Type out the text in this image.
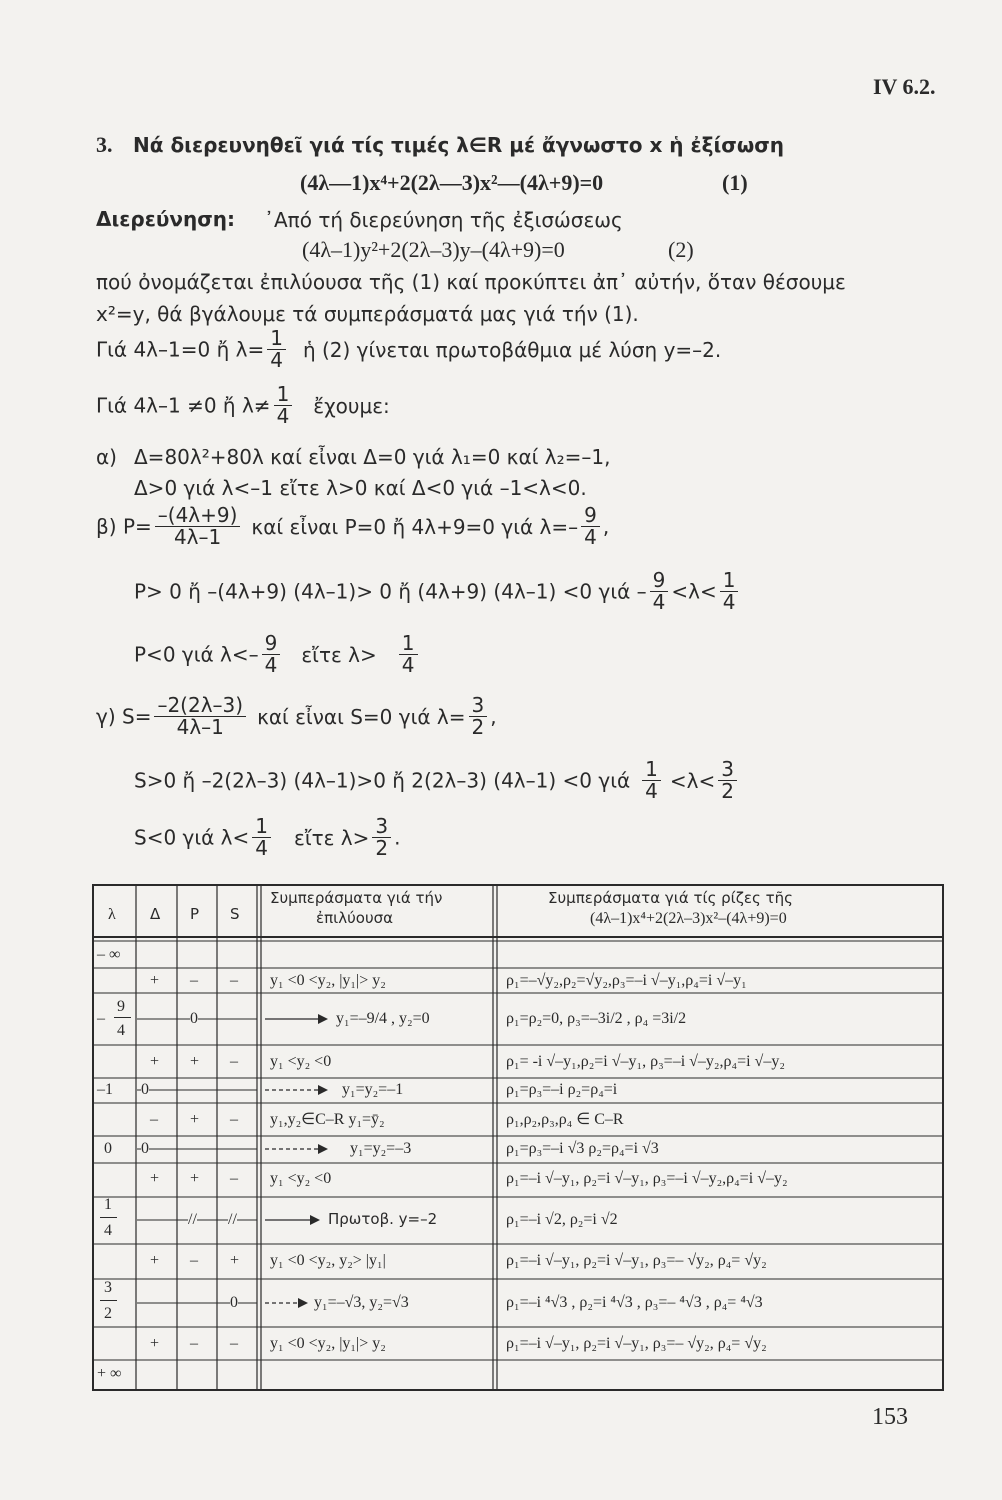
IV 6.2.
3. Νά διερευνηθεῖ γιά τίς τιμές λ∈R μέ ἄγνωστο x ἡ ἐξίσωση
(4λ—1)x⁴+2(2λ—3)x²—(4λ+9)=0	(1)
Διερεύνηση: ᾿Από τή διερεύνηση τῆς ἐξισώσεως
(4λ–1)y²+2(2λ–3)y–(4λ+9)=0	(2)
πού ὀνομάζεται ἐπιλύουσα τῆς (1) καί προκύπτει ἀπ᾿ αὐτήν, ὅταν θέσουμε
x²=y, θά βγάλουμε τά συμπεράσματά μας γιά τήν (1).
Γιά 4λ–1=0 ἤ $\lambda= \frac{1}{4}$ ἡ (2) γίνεται πρωτοβάθμια μέ λύση y=–2.
Γιά 4λ–1 ≠0 ἤ $\lambda\ne \frac{1}{4}$ ἔχουμε:
α) Δ=80λ²+80λ καί εἶναι Δ=0 γιά λ₁=0 καί λ₂=–1,
Δ>0 γιά λ<–1 εἴτε λ>0 καί Δ<0 γιά –1<λ<0.
β) $P= \frac{-(4\lambda+9)}{4\lambda-1}$ καί εἶναι P=0 ἤ 4λ+9=0 γιά $\lambda=- \frac{9}{4}$ ,
P> 0 ἤ –(4λ+9) (4λ–1)> 0 ἤ (4λ+9) (4λ–1) <0 $\gamma\iota ά - \frac{9}{4} <\lambda< \frac{1}{4}$
P<0 γιά $\lambda<- \frac{9}{4}$ εἴτε $\lambda> \frac{1}{4}$
γ) $S= \frac{-2(2\lambda-3)}{4\lambda-1}$ καί εἶναι S=0 γιά $\lambda= \frac{3}{2}$ ,
S>0 ἤ –2(2λ–3) (4λ–1)>0 ἤ 2(2λ–3) (4λ–1) <0 γιά $\frac{1}{4} <\lambda< \frac{3}{2}$
S<0 γιά $\lambda< \frac{1}{4}$ εἴτε $\lambda> \frac{3}{2}$ .
λ Δ P S
Συμπεράσματα γιά τήν
ἐπιλύουσα
Συμπεράσματα γιά τίς ρίζες τῆς
(4λ–1)x⁴+2(2λ–3)x²–(4λ+9)=0
– ∞
–
9
4
–1
0
1
4
3
2
+ ∞
+ – –
+ + –
– + –
+ + –
+ – +
+ – –
0
0
0
// //
0
y₁ <0 <y₂, |y₁|> y₂
y₁=–9/4 , y₂=0
y₁ <y₂ <0
y₁=y₂=–1
y₁,y₂∈C–R y₁=ȳ₂
y₁=y₂=–3
y₁ <y₂ <0
Πρωτοβ. y=–2
y₁ <0 <y₂, y₂> |y₁|
y₁=–√3, y₂=√3
y₁ <0 <y₂, |y₁|> y₂
ρ₁=–√y₂,ρ₂=√y₂,ρ₃=–i √–y₁,ρ₄=i √–y₁
ρ₁=ρ₂=0, ρ₃=–3i/2 , ρ₄ =3i/2
ρ₁= -i √–y₁,ρ₂=i √–y₁, ρ₃=–i √–y₂,ρ₄=i √–y₂
ρ₁=ρ₃=–i ρ₂=ρ₄=i
ρ₁,ρ₂,ρ₃,ρ₄ ∈ C–R
ρ₁=ρ₃=–i √3 ρ₂=ρ₄=i √3
ρ₁=–i √–y₁, ρ₂=i √–y₁, ρ₃=–i √–y₂,ρ₄=i √–y₂
ρ₁=–i √2, ρ₂=i √2
ρ₁=–i √–y₁, ρ₂=i √–y₁, ρ₃=– √y₂, ρ₄= √y₂
ρ₁=–i ⁴√3 , ρ₂=i ⁴√3 , ρ₃=– ⁴√3 , ρ₄= ⁴√3
ρ₁=–i √–y₁, ρ₂=i √–y₁, ρ₃=– √y₂, ρ₄= √y₂
153
